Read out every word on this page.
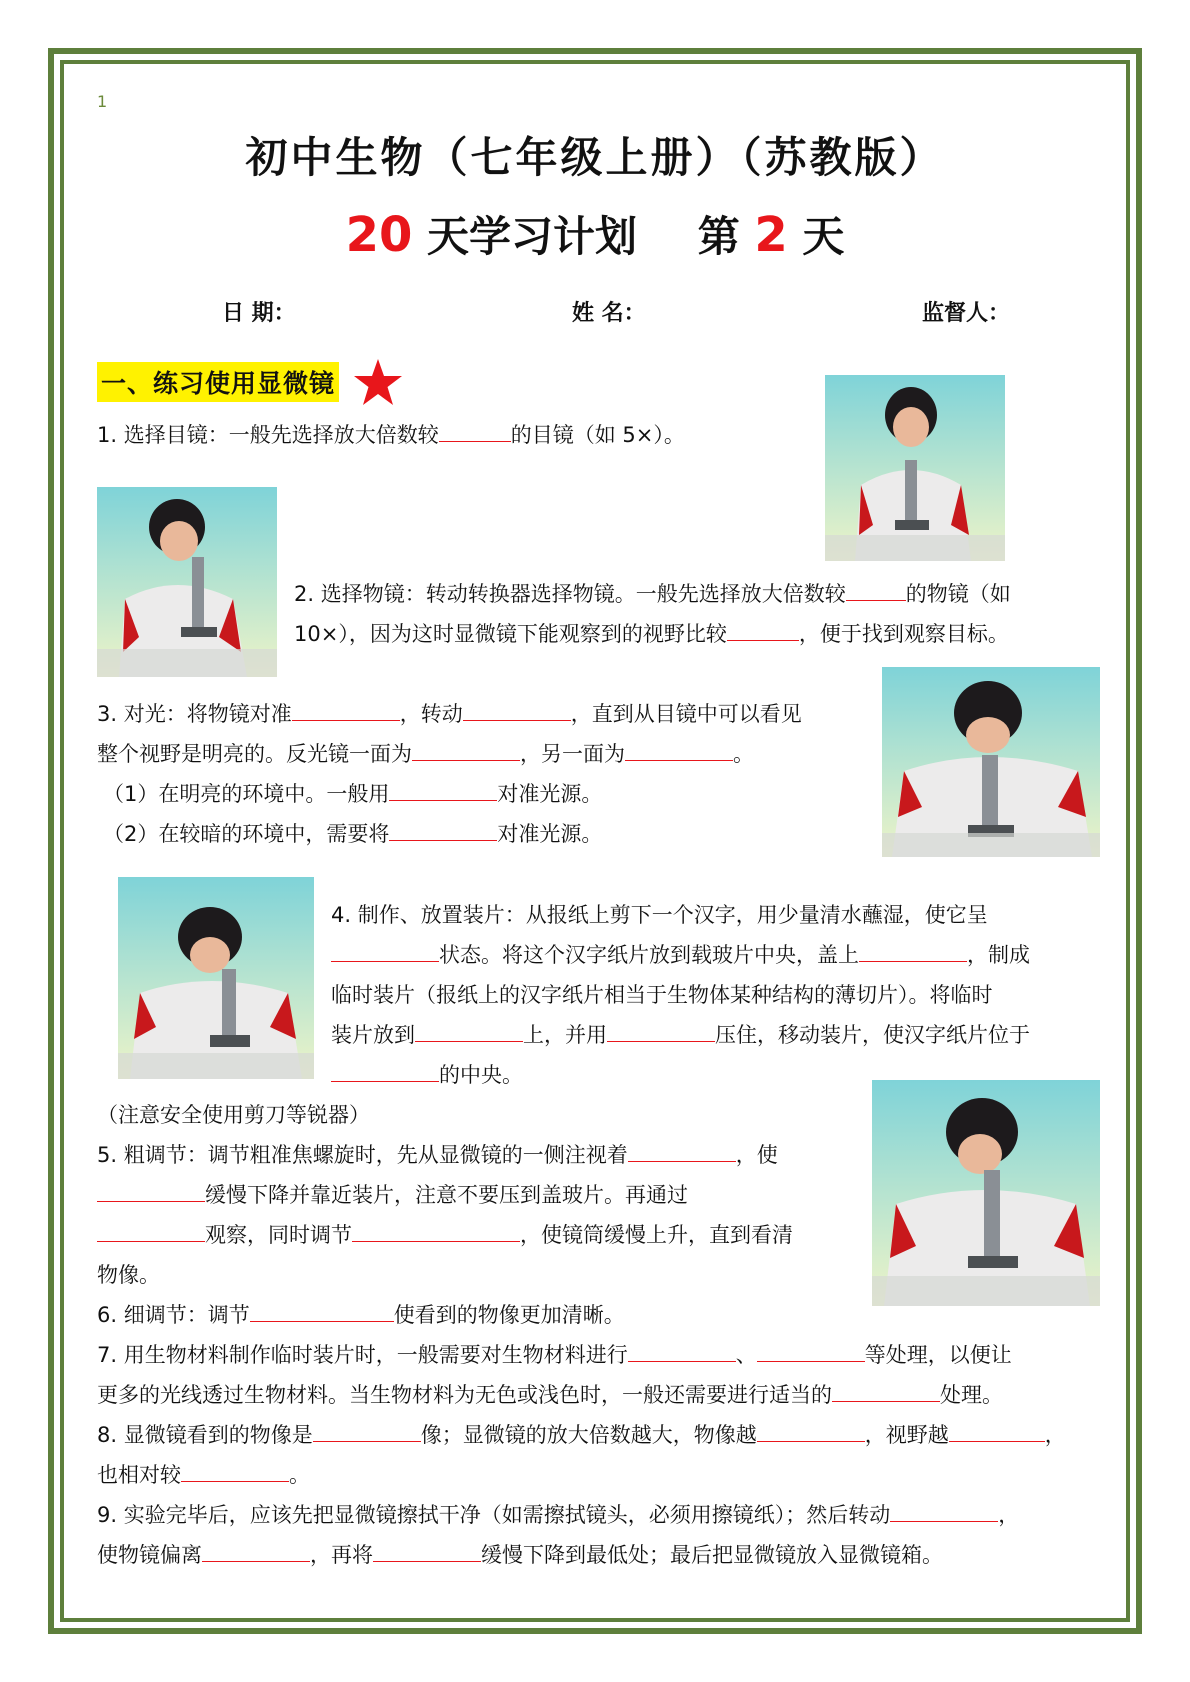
1
初中生物（七年级上册）（苏教版）
20 天学习计划 第 2 天
日 期：	姓 名：	监督人：
一、练习使用显微镜
1. 选择目镜：一般先选择放大倍数较	的目镜（如 5×）。
2. 选择物镜：转动转换器选择物镜。一般先选择放大倍数较	的物镜（如
10×），因为这时显微镜下能观察到的视野比较	，便于找到观察目标。
3. 对光：将物镜对准	，转动	，直到从目镜中可以看见
整个视野是明亮的。反光镜一面为	，另一面为	。
（1）在明亮的环境中。一般用	对准光源。
（2）在较暗的环境中，需要将	对准光源。
4. 制作、放置装片：从报纸上剪下一个汉字，用少量清水蘸湿，使它呈
状态。将这个汉字纸片放到载玻片中央，盖上	，制成
临时装片（报纸上的汉字纸片相当于生物体某种结构的薄切片）。将临时
装片放到	上，并用	压住，移动装片，使汉字纸片位于
的中央。
（注意安全使用剪刀等锐器）
5. 粗调节：调节粗准焦螺旋时，先从显微镜的一侧注视着	，使
缓慢下降并靠近装片，注意不要压到盖玻片。再通过
观察，同时调节	，使镜筒缓慢上升，直到看清
物像。
6. 细调节：调节	使看到的物像更加清晰。
7. 用生物材料制作临时装片时，一般需要对生物材料进行	、	等处理，以便让
更多的光线透过生物材料。当生物材料为无色或浅色时，一般还需要进行适当的	处理。
8. 显微镜看到的物像是	像；显微镜的放大倍数越大，物像越	，视野越	，
也相对较	。
9. 实验完毕后，应该先把显微镜擦拭干净（如需擦拭镜头，必须用擦镜纸）；然后转动	，
使物镜偏离	，再将	缓慢下降到最低处；最后把显微镜放入显微镜箱。
